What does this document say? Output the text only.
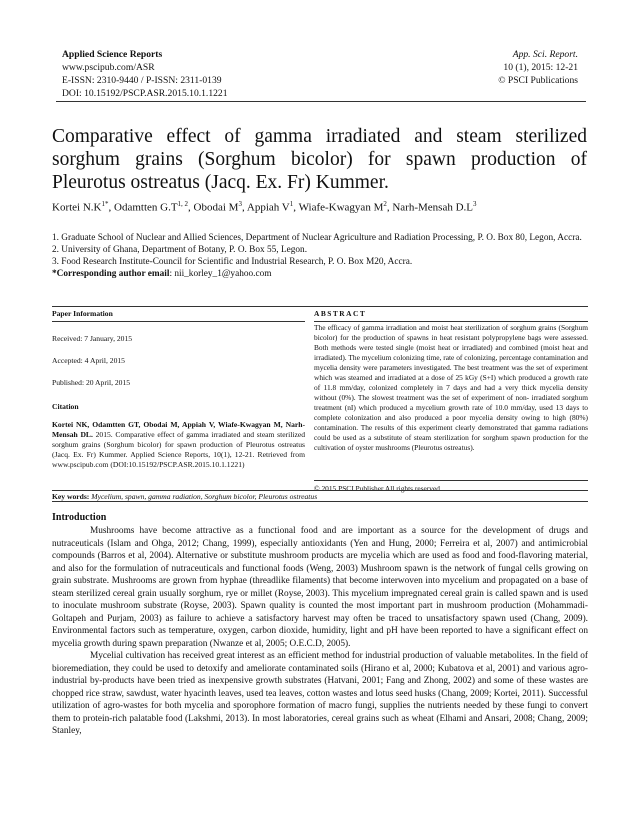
Applied Science Reports
www.pscipub.com/ASR
E-ISSN: 2310-9440 / P-ISSN: 2311-0139
DOI: 10.15192/PSCP.ASR.2015.10.1.1221
App. Sci. Report.
10 (1), 2015: 12-21
© PSCI Publications
Comparative effect of gamma irradiated and steam sterilized sorghum grains (Sorghum bicolor) for spawn production of Pleurotus ostreatus (Jacq. Ex. Fr) Kummer.
Kortei $N.K^{1*}$, Odamtten $G.T^{1, 2}$, Obodai $M^3$, Appiah $V^1$, Wiafe-Kwagyan $M^2$, Narh-Mensah $D.L^3$

1. Graduate School of Nuclear and Allied Sciences, Department of Nuclear Agriculture and Radiation Processing, P. O. Box 80, Legon, Accra.

2. University of Ghana, Department of Botany, P. O. Box 55, Legon.

3. Food Research Institute-Council for Scientific and Industrial Research, P. O. Box M20, Accra.

*Corresponding author email: nii_korley_1@yahoo.com

Paper Information

Received: 7 January, 2015

Accepted: 4 April, 2015

Published: 20 April, 2015

Citation
Kortei NK, Odamtten GT, Obodai M, Appiah V, Wiafe-Kwagyan M, Narh-Mensah DL. 2015. Comparative effect of gamma irradiated and steam sterilized sorghum grains (Sorghum bicolor) for spawn production of Pleurotus ostreatus (Jacq. Ex. Fr) Kummer. Applied Science Reports, 10(1), 12-21. Retrieved from www.pscipub.com (DOI:10.15192/PSCP.ASR.2015.10.1.1221)
ABSTRACT
The efficacy of gamma irradiation and moist heat sterilization of sorghum grains (Sorghum bicolor) for the production of spawns in heat resistant polypropylene bags were assessed. Both methods were tested single (moist heat or irradiated) and combined (moist heat and irradiated). The mycelium colonizing time, rate of colonizing, percentage contamination and mycelia density were parameters investigated. The best treatment was the set of experiment which was steamed and irradiated at a dose of 25 kGy (S+I) which produced a growth rate of 11.8 mm/day, colonized completely in 7 days and had a very thick mycelia density without (0%). The slowest treatment was the set of experiment of non- irradiated sorghum treatment (nI) which produced a mycelium growth rate of 10.0 mm/day, used 13 days to complete colonization and also produced a poor mycelia density owing to high (80%) contamination. The results of this experiment clearly demonstrated that gamma radiations could be used as a substitute of steam sterilization for sorghum spawn production for the cultivation of oyster mushrooms (Pleurotus ostreatus).
© 2015 PSCI Publisher All rights reserved.
Key words: Mycelium, spawn, gamma radiation, Sorghum bicolor, Pleurotus ostreatus
Introduction

Mushrooms have become attractive as a functional food and are important as a source for the development of drugs and nutraceuticals (Islam and Ohga, 2012; Chang, 1999), especially antioxidants (Yen and Hung, 2000; Ferreira et al, 2007) and antimicrobial compounds (Barros et al, 2004). Alternative or substitute mushroom products are mycelia which are used as food and food-flavoring material, and also for the formulation of nutraceuticals and functional foods (Weng, 2003) Mushroom spawn is the network of fungal cells growing on grain substrate. Mushrooms are grown from hyphae (threadlike filaments) that become interwoven into mycelium and propagated on a base of steam sterilized cereal grain usually sorghum, rye or millet (Royse, 2003). This mycelium impregnated cereal grain is called spawn and is used to inoculate mushroom substrate (Royse, 2003). Spawn quality is counted the most important part in mushroom production (Mohammadi-Goltapeh and Purjam, 2003) as failure to achieve a satisfactory harvest may often be traced to unsatisfactory spawn used (Chang, 2009). Environmental factors such as temperature, oxygen, carbon dioxide, humidity, light and pH have been reported to have a significant effect on mycelia growth during spawn preparation (Nwanze et al, 2005; O.E.C.D, 2005).

Mycelial cultivation has received great interest as an efficient method for industrial production of valuable metabolites. In the field of bioremediation, they could be used to detoxify and ameliorate contaminated soils (Hirano et al, 2000; Kubatova et al, 2001) and various agro-industrial by-products have been tried as inexpensive growth substrates (Hatvani, 2001; Fang and Zhong, 2002) and some of these wastes are chopped rice straw, sawdust, water hyacinth leaves, used tea leaves, cotton wastes and lotus seed husks (Chang, 2009; Kortei, 2011). Successful utilization of agro-wastes for both mycelia and sporophore formation of macro fungi, supplies the nutrients needed by these fungi to convert them to protein-rich palatable food (Lakshmi, 2013). In most laboratories, cereal grains such as wheat (Elhami and Ansari, 2008; Chang, 2009; Stanley,
